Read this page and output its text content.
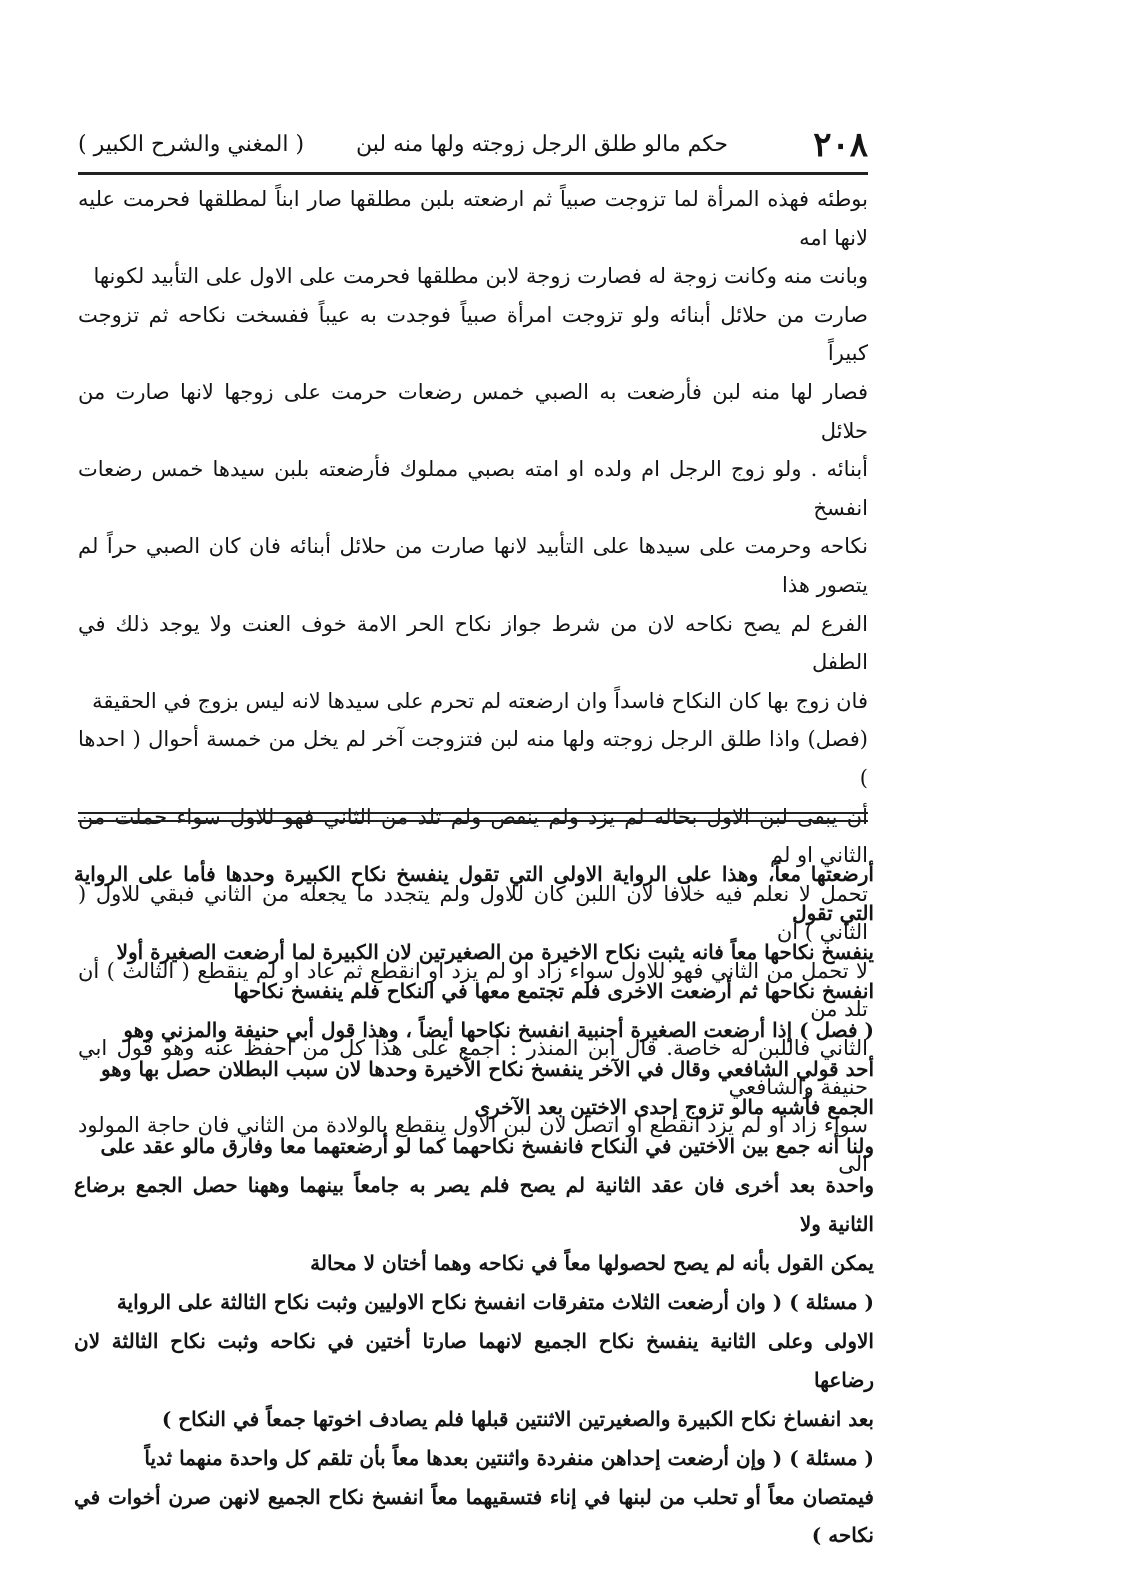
٢٠٨
حكم مالو طلق الرجل زوجته ولها منه لبن
( المغني والشرح الكبير )

بوطئه فهذه المرأة لما تزوجت صبياً ثم ارضعته بلبن مطلقها صار ابناً لمطلقها فحرمت عليه لانها امه

وبانت منه وكانت زوجة له فصارت زوجة لابن مطلقها فحرمت على الاول على التأبيد لكونها

صارت من حلائل أبنائه ولو تزوجت امرأة صبياً فوجدت به عيباً ففسخت نكاحه ثم تزوجت كبيراً

فصار لها منه لبن فأرضعت به الصبي خمس رضعات حرمت على زوجها لانها صارت من حلائل

أبنائه . ولو زوج الرجل ام ولده او امته بصبي مملوك فأرضعته بلبن سيدها خمس رضعات انفسخ

نكاحه وحرمت على سيدها على التأبيد لانها صارت من حلائل أبنائه فان كان الصبي حراً لم يتصور هذا

الفرع لم يصح نكاحه لان من شرط جواز نكاح الحر الامة خوف العنت ولا يوجد ذلك في الطفل

فان زوج بها كان النكاح فاسداً وان ارضعته لم تحرم على سيدها لانه ليس بزوج في الحقيقة

(فصل) واذا طلق الرجل زوجته ولها منه لبن فتزوجت آخر لم يخل من خمسة أحوال ( احدها )

أن يبقى لبن الاول بحاله لم يزد ولم ينقص ولم تلد من الثاني فهو للاول سواء حملت من الثاني او لم

تحمل لا نعلم فيه خلافا لان اللبن كان للاول ولم يتجدد ما يجعله من الثاني فبقي للاول ( الثاني ) أن

لا تحمل من الثاني فهو للاول سواء زاد او لم يزد او انقطع ثم عاد او لم ينقطع ( الثالث ) أن تلد من

الثاني فاللبن له خاصة. قال ابن المنذر : أجمع على هذا كل من احفظ عنه وهو قول ابي حنيفة والشافعي

سواء زاد أو لم يزد انقطع او اتصل لان لبن الاول ينقطع بالولادة من الثاني فان حاجة المولود الى

أرضعتها معاً، وهذا على الرواية الاولى التي تقول ينفسخ نكاح الكبيرة وحدها فأما على الرواية التي تقول

ينفسخ نكاحها معاً فانه يثبت نكاح الاخيرة من الصغيرتين لان الكبيرة لما أرضعت الصغيرة أولا

انفسخ نكاحها ثم أرضعت الاخرى فلم تجتمع معها في النكاح فلم ينفسخ نكاحها

( فصل ) إذا أرضعت الصغيرة أجنبية انفسخ نكاحها أيضاً ، وهذا قول أبي حنيفة والمزني وهو

أحد قولي الشافعي وقال في الآخر ينفسخ نكاح الأخيرة وحدها لان سبب البطلان حصل بها وهو

الجمع فأشبه مالو تزوج إحدى الاختين بعد الآخرى

ولنا أنه جمع بين الاختين في النكاح فانفسخ نكاحهما كما لو أرضعتهما معا وفارق مالو عقد على

واحدة بعد أخرى فان عقد الثانية لم يصح فلم يصر به جامعاً بينهما وههنا حصل الجمع برضاع الثانية ولا

يمكن القول بأنه لم يصح لحصولها معاً في نكاحه وهما أختان لا محالة

( مسئلة ) ( وان أرضعت الثلاث متفرقات انفسخ نكاح الاوليين وثبت نكاح الثالثة على الرواية

الاولى وعلى الثانية ينفسخ نكاح الجميع لانهما صارتا أختين في نكاحه وثبت نكاح الثالثة لان رضاعها

بعد انفساخ نكاح الكبيرة والصغيرتين الاثنتين قبلها فلم يصادف اخوتها جمعاً في النكاح )

( مسئلة ) ( وإن أرضعت إحداهن منفردة واثنتين بعدها معاً بأن تلقم كل واحدة منهما ثدياً

فيمتصان معاً أو تحلب من لبنها في إناء فتسقيهما معاً انفسخ نكاح الجميع لانهن صرن أخوات في نكاحه )
